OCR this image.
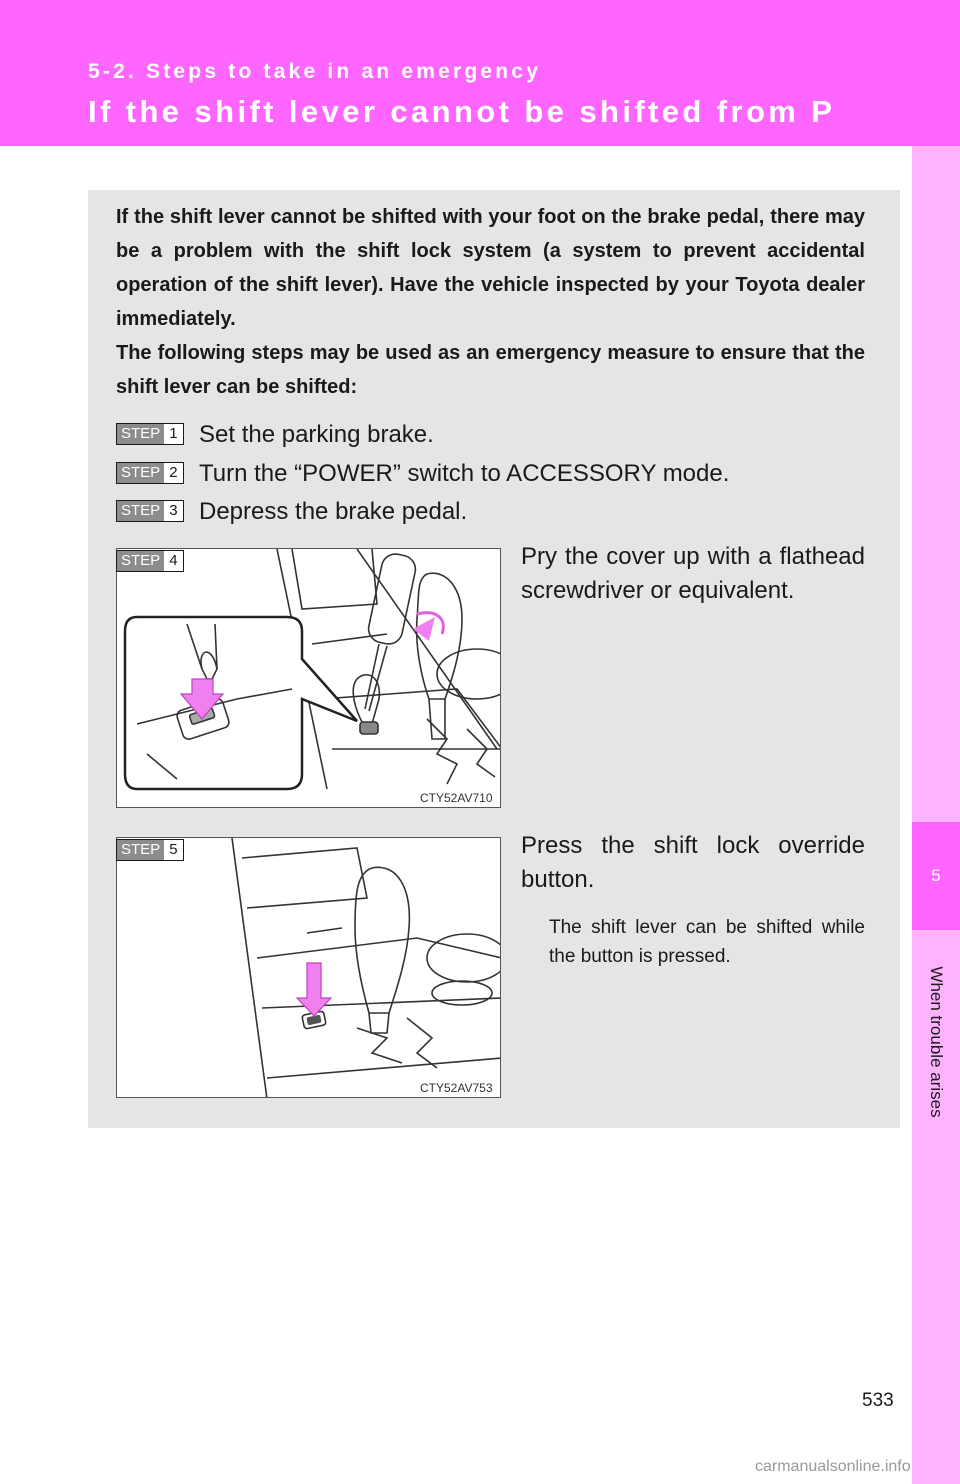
5-2. Steps to take in an emergency
If the shift lever cannot be shifted from P
5
When trouble arises

If the shift lever cannot be shifted with your foot on the brake pedal, there may be a problem with the shift lock system (a system to prevent accidental operation of the shift lever). Have the vehicle inspected by your Toyota dealer immediately.

The following steps may be used as an emergency measure to ensure that the shift lever can be shifted:

STEP 1 Set the parking brake.
STEP 2 Turn the “POWER” switch to ACCESSORY mode.
STEP 3 Depress the brake pedal.
CTY52AV710
STEP 4	Pry the cover up with a flathead screwdriver or equivalent.
CTY52AV753
STEP 5	Press the shift lock override button.
The shift lever can be shifted while the button is pressed.
533
carmanualsonline.info
